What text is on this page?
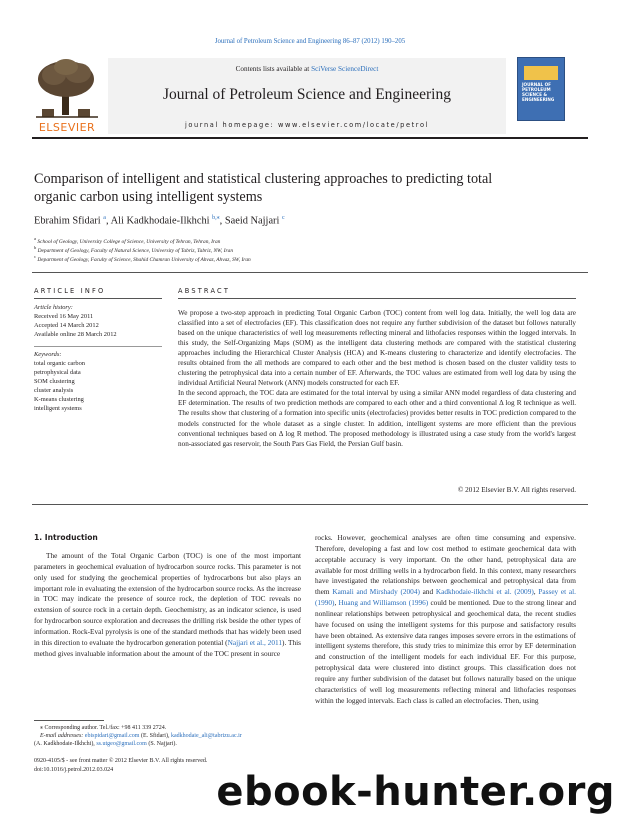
Journal of Petroleum Science and Engineering 86–87 (2012) 190–205
ELSEVIER
Contents lists available at SciVerse ScienceDirect
Journal of Petroleum Science and Engineering
journal homepage: www.elsevier.com/locate/petrol
JOURNAL OF PETROLEUM SCIENCE & ENGINEERING
Comparison of intelligent and statistical clustering approaches to predicting total
organic carbon using intelligent systems
Ebrahim Sfidari $^a$, Ali Kadkhodaie-Ilkhchi $^{b,⁎}$, Saeid Najjari $^c$
$^a$ School of Geology, University College of Science, University of Tehran, Tehran, Iran
$^b$ Department of Geology, Faculty of Natural Science, University of Tabriz, Tabriz, NW, Iran
$^c$ Department of Geology, Faculty of Science, Shahid Chamran University of Ahvaz, Ahvaz, SW, Iran
ARTICLE INFO
Article history:
Received 16 May 2011
Accepted 14 March 2012
Available online 28 March 2012
Keywords:
total organic carbon
petrophysical data
SOM clustering
cluster analysis
K-means clustering
intelligent systems
ABSTRACT

We propose a two-step approach in predicting Total Organic Carbon (TOC) content from well log data. Initially, the well log data are classified into a set of electrofacies (EF). This classification does not require any further subdivision of the dataset but follows naturally based on the unique characteristics of well log measurements reflecting mineral and lithofacies responses within the logged intervals. In this study, the Self-Organizing Maps (SOM) as the intelligent data clustering methods are compared with the statistical clustering approaches including the Hierarchical Cluster Analysis (HCA) and K-means clustering to characterize and identify electrofacies. The results obtained from the all methods are compared to each other and the best method is chosen based on the cluster validity tests to clustering the petrophysical data into a certain number of EF. Afterwards, the TOC values are estimated from well log data by using the individual Artificial Neural Network (ANN) models constructed for each EF.

In the second approach, the TOC data are estimated for the total interval by using a similar ANN model regardless of data clustering and EF determination. The results of two prediction methods are compared to each other and a third conventional Δ log R technique as well. The results show that clustering of a formation into specific units (electrofacies) provides better results in TOC prediction compared to the models constructed for the whole dataset as a single cluster. In addition, intelligent systems are more efficient than the previous conventional techniques based on Δ log R method. The proposed methodology is illustrated using a case study from the world's largest non-associated gas reservoir, the South Pars Gas Field, the Persian Gulf basin.

© 2012 Elsevier B.V. All rights reserved.
1. Introduction

The amount of the Total Organic Carbon (TOC) is one of the most important parameters in geochemical evaluation of hydrocarbon source rocks. This parameter is not only used for studying the geochemical properties of hydrocarbons but also plays an important role in evaluating the extension of the hydrocarbon source rocks. As the increase in TOC may indicate the presence of source rock, the depletion of TOC reveals no extension of source rock in a certain depth. Geochemistry, as an indicator science, is used for hydrocarbon source exploration and decreases the drilling risk beside the other types of information. Rock-Eval pyrolysis is one of the standard methods that has widely been used in this direction to evaluate the hydrocarbon generation potential (Najjari et al., 2011). This method gives invaluable information about the amount of the TOC present in source

rocks. However, geochemical analyses are often time consuming and expensive. Therefore, developing a fast and low cost method to estimate geochemical data with acceptable accuracy is very important. On the other hand, petrophysical data are available for most drilling wells in a hydrocarbon field. In this context, many researchers have investigated the relationships between geochemical and petrophysical data from them Kamali and Mirshady (2004) and Kadkhodaie-ilkhchi et al. (2009), Passey et al. (1990), Huang and Williamson (1996) could be mentioned. Due to the strong linear and nonlinear relationships between petrophysical and geochemical data, the recent studies have focused on using the intelligent systems for this purpose and satisfactory results have been obtained. As extensive data ranges imposes severe errors in the estimations of intelligent systems therefore, this study tries to minimize this error by EF determination and construction of the intelligent models for each individual EF. For this purpose, petrophysical data were clustered into distinct groups. This classification does not require any further subdivision of the dataset but follows naturally based on the unique characteristics of well log measurements reflecting mineral and lithofacies responses within the logged intervals. Each class is called an electrofacies. Then, using

⁎ Corresponding author. Tel./fax: +98 411 339 2724.
E-mail addresses: ebispidari@gmail.com (E. Sfidari), kadkhodaie_ali@tabrizu.ac.ir
(A. Kadkhodaie-Ilkhchi), ss.utgeo@gmail.com (S. Najjari).
0920-4105/$ - see front matter © 2012 Elsevier B.V. All rights reserved.
doi:10.1016/j.petrol.2012.03.024	ebook-hunter.org
